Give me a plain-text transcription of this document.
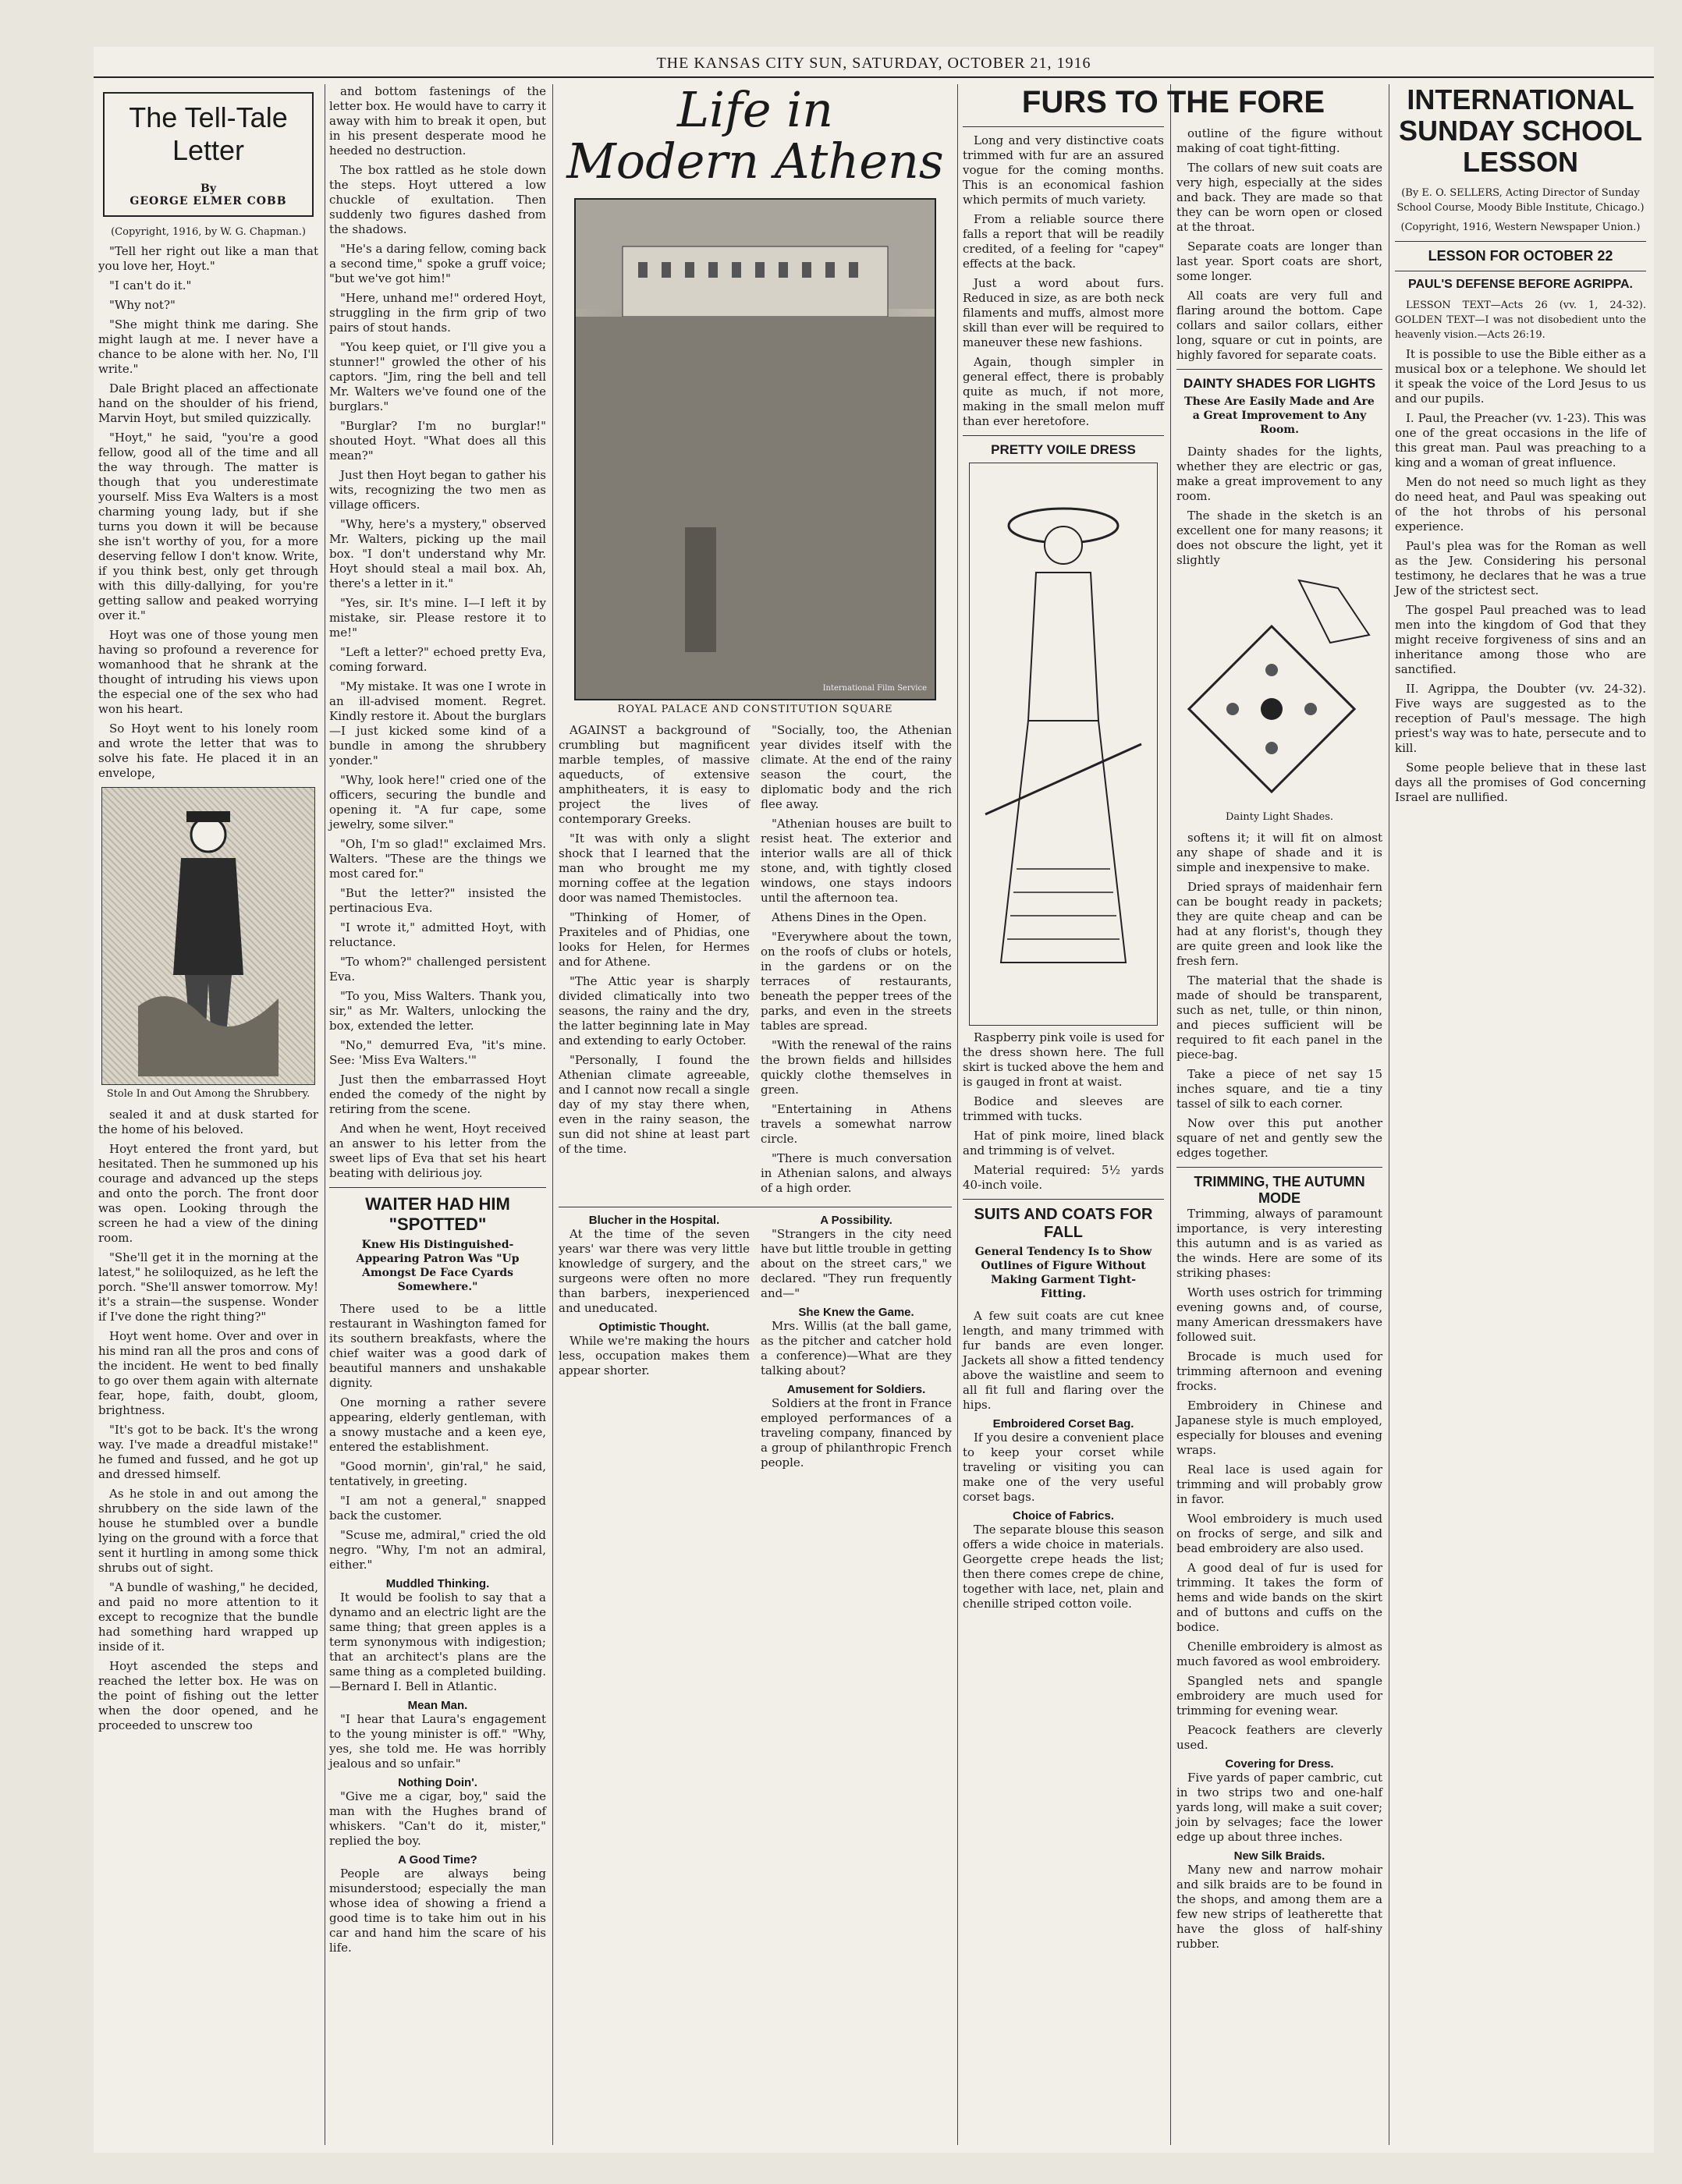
THE KANSAS CITY SUN, SATURDAY, OCTOBER 21, 1916
The Tell-Tale Letter
By
GEORGE ELMER COBB

(Copyright, 1916, by W. G. Chapman.)

"Tell her right out like a man that you love her, Hoyt."

"I can't do it."

"Why not?"

"She might think me daring. She might laugh at me. I never have a chance to be alone with her. No, I'll write."

Dale Bright placed an affectionate hand on the shoulder of his friend, Marvin Hoyt, but smiled quizzically.

"Hoyt," he said, "you're a good fellow, good all of the time and all the way through. The matter is though that you underestimate yourself. Miss Eva Walters is a most charming young lady, but if she turns you down it will be because she isn't worthy of you, for a more deserving fellow I don't know. Write, if you think best, only get through with this dilly-dallying, for you're getting sallow and peaked worrying over it."

Hoyt was one of those young men having so profound a reverence for womanhood that he shrank at the thought of intruding his views upon the especial one of the sex who had won his heart.

So Hoyt went to his lonely room and wrote the letter that was to solve his fate. He placed it in an envelope,

Stole In and Out Among the Shrubbery.

sealed it and at dusk started for the home of his beloved.

Hoyt entered the front yard, but hesitated. Then he summoned up his courage and advanced up the steps and onto the porch. The front door was open. Looking through the screen he had a view of the dining room.

"She'll get it in the morning at the latest," he soliloquized, as he left the porch. "She'll answer tomorrow. My! it's a strain—the suspense. Wonder if I've done the right thing?"

Hoyt went home. Over and over in his mind ran all the pros and cons of the incident. He went to bed finally to go over them again with alternate fear, hope, faith, doubt, gloom, brightness.

"It's got to be back. It's the wrong way. I've made a dreadful mistake!" he fumed and fussed, and he got up and dressed himself.

As he stole in and out among the shrubbery on the side lawn of the house he stumbled over a bundle lying on the ground with a force that sent it hurtling in among some thick shrubs out of sight.

"A bundle of washing," he decided, and paid no more attention to it except to recognize that the bundle had something hard wrapped up inside of it.

Hoyt ascended the steps and reached the letter box. He was on the point of fishing out the letter when the door opened, and he proceeded to unscrew too

and bottom fastenings of the letter box. He would have to carry it away with him to break it open, but in his present desperate mood he heeded no destruction.

The box rattled as he stole down the steps. Hoyt uttered a low chuckle of exultation. Then suddenly two figures dashed from the shadows.

"He's a daring fellow, coming back a second time," spoke a gruff voice; "but we've got him!"

"Here, unhand me!" ordered Hoyt, struggling in the firm grip of two pairs of stout hands.

"You keep quiet, or I'll give you a stunner!" growled the other of his captors. "Jim, ring the bell and tell Mr. Walters we've found one of the burglars."

"Burglar? I'm no burglar!" shouted Hoyt. "What does all this mean?"

Just then Hoyt began to gather his wits, recognizing the two men as village officers.

"Why, here's a mystery," observed Mr. Walters, picking up the mail box. "I don't understand why Mr. Hoyt should steal a mail box. Ah, there's a letter in it."

"Yes, sir. It's mine. I—I left it by mistake, sir. Please restore it to me!"

"Left a letter?" echoed pretty Eva, coming forward.

"My mistake. It was one I wrote in an ill-advised moment. Regret. Kindly restore it. About the burglars—I just kicked some kind of a bundle in among the shrubbery yonder."

"Why, look here!" cried one of the officers, securing the bundle and opening it. "A fur cape, some jewelry, some silver."

"Oh, I'm so glad!" exclaimed Mrs. Walters. "These are the things we most cared for."

"But the letter?" insisted the pertinacious Eva.

"I wrote it," admitted Hoyt, with reluctance.

"To whom?" challenged persistent Eva.

"To you, Miss Walters. Thank you, sir," as Mr. Walters, unlocking the box, extended the letter.

"No," demurred Eva, "it's mine. See: 'Miss Eva Walters.'"

Just then the embarrassed Hoyt ended the comedy of the night by retiring from the scene.

And when he went, Hoyt received an answer to his letter from the sweet lips of Eva that set his heart beating with delirious joy.

WAITER HAD HIM "SPOTTED"
Knew His Distinguished-Appearing Patron Was "Up Amongst De Face Cyards Somewhere."

There used to be a little restaurant in Washington famed for its southern breakfasts, where the chief waiter was a good dark of beautiful manners and unshakable dignity.

One morning a rather severe appearing, elderly gentleman, with a snowy mustache and a keen eye, entered the establishment.

"Good mornin', gin'ral," he said, tentatively, in greeting.

"I am not a general," snapped back the customer.

"Scuse me, admiral," cried the old negro. "Why, I'm not an admiral, either."

Muddled Thinking.

It would be foolish to say that a dynamo and an electric light are the same thing; that green apples is a term synonymous with indigestion; that an architect's plans are the same thing as a completed building.—Bernard I. Bell in Atlantic.

Mean Man.

"I hear that Laura's engagement to the young minister is off." "Why, yes, she told me. He was horribly jealous and so unfair."

Nothing Doin'.

"Give me a cigar, boy," said the man with the Hughes brand of whiskers. "Can't do it, mister," replied the boy.

A Good Time?

People are always being misunderstood; especially the man whose idea of showing a friend a good time is to take him out in his car and hand him the scare of his life.

Life in
Modern Athens
International Film Service
ROYAL PALACE AND CONSTITUTION SQUARE

AGAINST a background of crumbling but magnificent marble temples, of massive aqueducts, of extensive amphitheaters, it is easy to project the lives of contemporary Greeks.

"It was with only a slight shock that I learned that the man who brought me my morning coffee at the legation door was named Themistocles.

"Thinking of Homer, of Praxiteles and of Phidias, one looks for Helen, for Hermes and for Athene.

"The Attic year is sharply divided climatically into two seasons, the rainy and the dry, the latter beginning late in May and extending to early October.

"Personally, I found the Athenian climate agreeable, and I cannot now recall a single day of my stay there when, even in the rainy season, the sun did not shine at least part of the time.

"Socially, too, the Athenian year divides itself with the climate. At the end of the rainy season the court, the diplomatic body and the rich flee away.

"Athenian houses are built to resist heat. The exterior and interior walls are all of thick stone, and, with tightly closed windows, one stays indoors until the afternoon tea.

Athens Dines in the Open.

"Everywhere about the town, on the roofs of clubs or hotels, in the gardens or on the terraces of restaurants, beneath the pepper trees of the parks, and even in the streets tables are spread.

"With the renewal of the rains the brown fields and hillsides quickly clothe themselves in green.

"Entertaining in Athens travels a somewhat narrow circle.

"There is much conversation in Athenian salons, and always of a high order.

Blucher in the Hospital.

At the time of the seven years' war there was very little knowledge of surgery, and the surgeons were often no more than barbers, inexperienced and uneducated.

Optimistic Thought.

While we're making the hours less, occupation makes them appear shorter.

A Possibility.

"Strangers in the city need have but little trouble in getting about on the street cars," we declared. "They run frequently and—"

She Knew the Game.

Mrs. Willis (at the ball game, as the pitcher and catcher hold a conference)—What are they talking about?

Amusement for Soldiers.

Soldiers at the front in France employed performances of a traveling company, financed by a group of philanthropic French people.

FURS TO THE FORE

Long and very distinctive coats trimmed with fur are an assured vogue for the coming months. This is an economical fashion which permits of much variety.

From a reliable source there falls a report that will be readily credited, of a feeling for "capey" effects at the back.

Just a word about furs. Reduced in size, as are both neck filaments and muffs, almost more skill than ever will be required to maneuver these new fashions.

Again, though simpler in general effect, there is probably quite as much, if not more, making in the small melon muff than ever heretofore.

PRETTY VOILE DRESS

Raspberry pink voile is used for the dress shown here. The full skirt is tucked above the hem and is gauged in front at waist.

Bodice and sleeves are trimmed with tucks.

Hat of pink moire, lined black and trimming is of velvet.

Material required: 5½ yards 40-inch voile.

SUITS AND COATS FOR FALL
General Tendency Is to Show Outlines of Figure Without Making Garment Tight-Fitting.

A few suit coats are cut knee length, and many trimmed with fur bands are even longer. Jackets all show a fitted tendency above the waistline and seem to all fit full and flaring over the hips.

Embroidered Corset Bag.

If you desire a convenient place to keep your corset while traveling or visiting you can make one of the very useful corset bags.

Choice of Fabrics.

The separate blouse this season offers a wide choice in materials. Georgette crepe heads the list; then there comes crepe de chine, together with lace, net, plain and chenille striped cotton voile.

outline of the figure without making of coat tight-fitting.

The collars of new suit coats are very high, especially at the sides and back. They are made so that they can be worn open or closed at the throat.

Separate coats are longer than last year. Sport coats are short, some longer.

All coats are very full and flaring around the bottom. Cape collars and sailor collars, either long, square or cut in points, are highly favored for separate coats.

DAINTY SHADES FOR LIGHTS
These Are Easily Made and Are a Great Improvement to Any Room.

Dainty shades for the lights, whether they are electric or gas, make a great improvement to any room.

The shade in the sketch is an excellent one for many reasons; it does not obscure the light, yet it slightly

Dainty Light Shades.

softens it; it will fit on almost any shape of shade and it is simple and inexpensive to make.

Dried sprays of maidenhair fern can be bought ready in packets; they are quite cheap and can be had at any florist's, though they are quite green and look like the fresh fern.

The material that the shade is made of should be transparent, such as net, tulle, or thin ninon, and pieces sufficient will be required to fit each panel in the piece-bag.

Take a piece of net say 15 inches square, and tie a tiny tassel of silk to each corner.

Now over this put another square of net and gently sew the edges together.

TRIMMING, THE AUTUMN MODE

Trimming, always of paramount importance, is very interesting this autumn and is as varied as the winds. Here are some of its striking phases:

Worth uses ostrich for trimming evening gowns and, of course, many American dressmakers have followed suit.

Brocade is much used for trimming afternoon and evening frocks.

Embroidery in Chinese and Japanese style is much employed, especially for blouses and evening wraps.

Real lace is used again for trimming and will probably grow in favor.

Wool embroidery is much used on frocks of serge, and silk and bead embroidery are also used.

A good deal of fur is used for trimming. It takes the form of hems and wide bands on the skirt and of buttons and cuffs on the bodice.

Chenille embroidery is almost as much favored as wool embroidery.

Spangled nets and spangle embroidery are much used for trimming for evening wear.

Peacock feathers are cleverly used.

Covering for Dress.

Five yards of paper cambric, cut in two strips two and one-half yards long, will make a suit cover; join by selvages; face the lower edge up about three inches.

New Silk Braids.

Many new and narrow mohair and silk braids are to be found in the shops, and among them are a few new strips of leatherette that have the gloss of half-shiny rubber.

INTERNATIONAL
SUNDAY SCHOOL
LESSON

(By E. O. SELLERS, Acting Director of Sunday School Course, Moody Bible Institute, Chicago.)

(Copyright, 1916, Western Newspaper Union.)

LESSON FOR OCTOBER 22
PAUL'S DEFENSE BEFORE AGRIPPA.

LESSON TEXT—Acts 26 (vv. 1, 24-32). GOLDEN TEXT—I was not disobedient unto the heavenly vision.—Acts 26:19.

It is possible to use the Bible either as a musical box or a telephone. We should let it speak the voice of the Lord Jesus to us and our pupils.

I. Paul, the Preacher (vv. 1-23). This was one of the great occasions in the life of this great man. Paul was preaching to a king and a woman of great influence.

Men do not need so much light as they do need heat, and Paul was speaking out of the hot throbs of his personal experience.

Paul's plea was for the Roman as well as the Jew. Considering his personal testimony, he declares that he was a true Jew of the strictest sect.

The gospel Paul preached was to lead men into the kingdom of God that they might receive forgiveness of sins and an inheritance among those who are sanctified.

II. Agrippa, the Doubter (vv. 24-32). Five ways are suggested as to the reception of Paul's message. The high priest's way was to hate, persecute and to kill.

Some people believe that in these last days all the promises of God concerning Israel are nullified.
